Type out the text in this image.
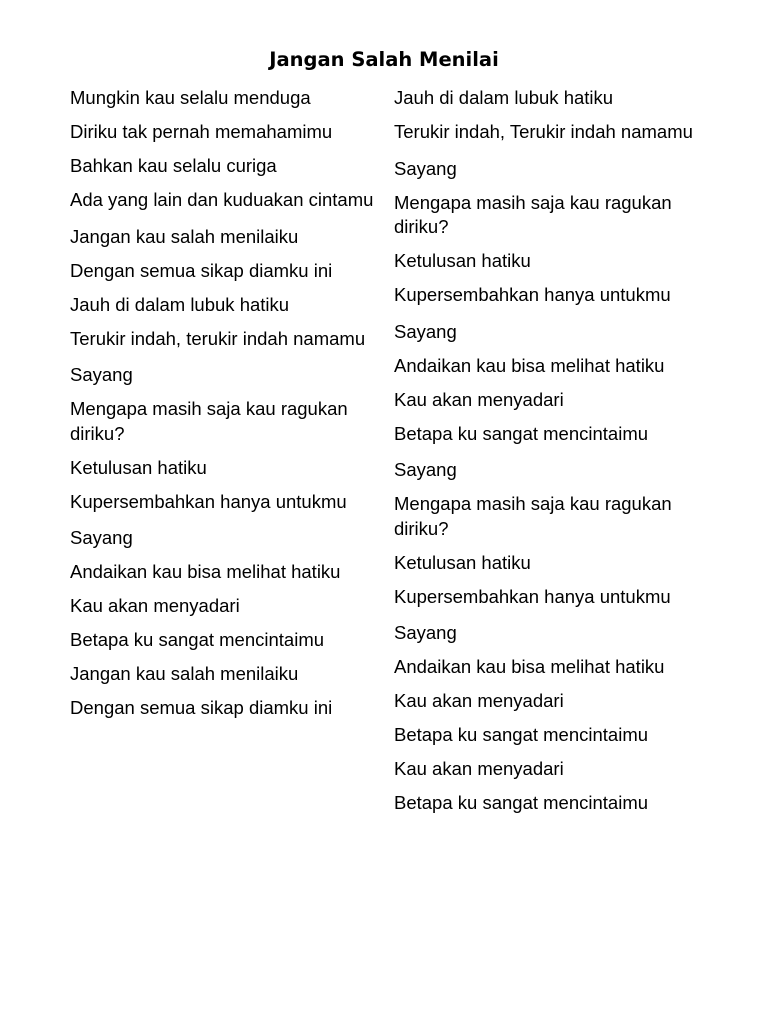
Jangan Salah Menilai
Mungkin kau selalu menduga
Diriku tak pernah memahamimu
Bahkan kau selalu curiga
Ada yang lain dan kuduakan cintamu
Jangan kau salah menilaiku
Dengan semua sikap diamku ini
Jauh di dalam lubuk hatiku
Terukir indah, terukir indah namamu
Sayang
Mengapa masih saja kau ragukan diriku?
Ketulusan hatiku
Kupersembahkan hanya untukmu
Sayang
Andaikan kau bisa melihat hatiku
Kau akan menyadari
Betapa ku sangat mencintaimu
Jangan kau salah menilaiku
Dengan semua sikap diamku ini
Jauh di dalam lubuk hatiku
Terukir indah, Terukir indah namamu
Sayang
Mengapa masih saja kau ragukan diriku?
Ketulusan hatiku
Kupersembahkan hanya untukmu
Sayang
Andaikan kau bisa melihat hatiku
Kau akan menyadari
Betapa ku sangat mencintaimu
Sayang
Mengapa masih saja kau ragukan diriku?
Ketulusan hatiku
Kupersembahkan hanya untukmu
Sayang
Andaikan kau bisa melihat hatiku
Kau akan menyadari
Betapa ku sangat mencintaimu
Kau akan menyadari
Betapa ku sangat mencintaimu
